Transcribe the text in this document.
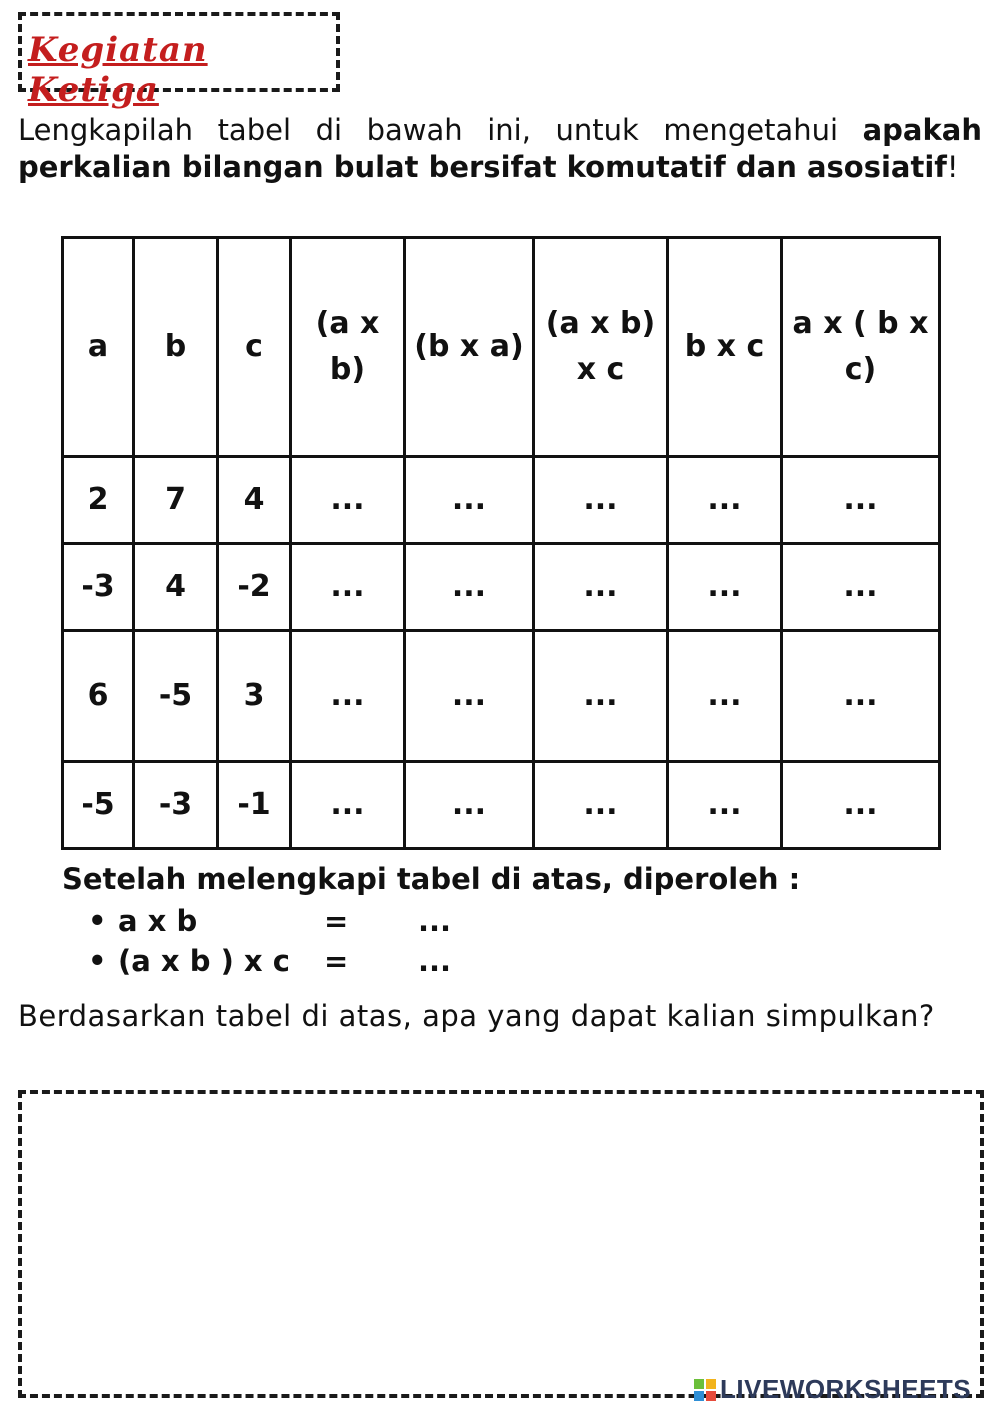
Kegiatan Ketiga
Lengkapilah tabel di bawah ini, untuk mengetahui apakah perkalian bilangan bulat bersifat komutatif dan asosiatif!
a	b	c	(a x b)	(b x a)	(a x b) x c	b x c	a x ( b x c)
2	7	4	...	...	...	...	...
-3	4	-2	...	...	...	...	...
6	-5	3	...	...	...	...	...
-5	-3	-1	...	...	...	...	...
Setelah melengkapi tabel di atas, diperoleh :
• a x b	= ...
• (a x b ) x c = ...
Berdasarkan tabel di atas, apa yang dapat kalian simpulkan?
LIVEWORKSHEETS
